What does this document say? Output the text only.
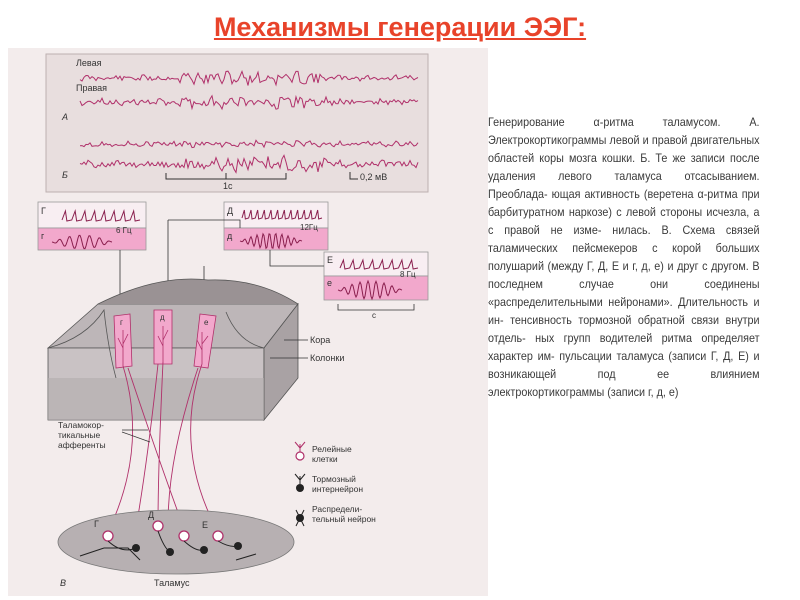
Механизмы генерации ЭЭГ:
Левая
Правая
А
Б
1с
0,2 мВ
Г
г
6 Гц
Д
д
12Гц
Е
е
8 Гц
с
г
д
е
Кора
Колонки
Таламокор-
тикальные
афференты	Релейные
клетки
Тормозный
интернейрон
Распредели-
тельный нейрон
Г
Д
Е
В	Таламус
Генерирование α-ритма таламусом. А. Электрокортикограммы левой и правой двигательных областей коры мозга кошки. Б. Те же записи после удаления левого таламуса отсасыванием. Преоблада- ющая активность (веретена α-ритма при барбитуратном наркозе) с левой стороны исчезла, а с правой не изме- нилась. В. Схема связей таламических пейсмекеров с корой больших полушарий (между Г, Д, Е и г, д, е) и друг с другом. В последнем случае они соединены «распределительными нейронами». Длительность и ин- тенсивность тормозной обратной связи внутри отдель- ных групп водителей ритма определяет характер им- пульсации таламуса (записи Г, Д, Е) и возникающей под	ее влиянием электрокортикограммы (записи г, д, е)
